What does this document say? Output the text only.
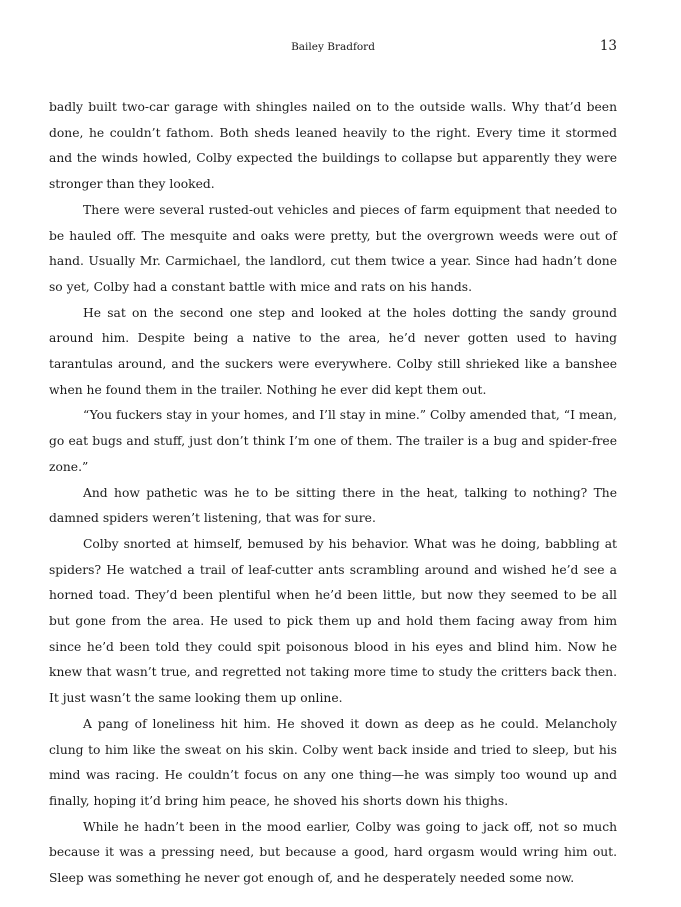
Bailey Bradford	13

badly built two-car garage with shingles nailed on to the outside walls. Why that’d been done, he couldn’t fathom. Both sheds leaned heavily to the right. Every time it stormed and the winds howled, Colby expected the buildings to collapse but apparently they were stronger than they looked.

There were several rusted-out vehicles and pieces of farm equipment that needed to be hauled off. The mesquite and oaks were pretty, but the overgrown weeds were out of hand. Usually Mr. Carmichael, the landlord, cut them twice a year. Since had hadn’t done so yet, Colby had a constant battle with mice and rats on his hands.

He sat on the second one step and looked at the holes dotting the sandy ground around him. Despite being a native to the area, he’d never gotten used to having tarantulas around, and the suckers were everywhere. Colby still shrieked like a banshee when he found them in the trailer. Nothing he ever did kept them out.

“You fuckers stay in your homes, and I’ll stay in mine.” Colby amended that, “I mean, go eat bugs and stuff, just don’t think I’m one of them. The trailer is a bug and spider-free zone.”

And how pathetic was he to be sitting there in the heat, talking to nothing? The damned spiders weren’t listening, that was for sure.

Colby snorted at himself, bemused by his behavior. What was he doing, babbling at spiders? He watched a trail of leaf-cutter ants scrambling around and wished he’d see a horned toad. They’d been plentiful when he’d been little, but now they seemed to be all but gone from the area. He used to pick them up and hold them facing away from him since he’d been told they could spit poisonous blood in his eyes and blind him. Now he knew that wasn’t true, and regretted not taking more time to study the critters back then. It just wasn’t the same looking them up online.

A pang of loneliness hit him. He shoved it down as deep as he could. Melancholy clung to him like the sweat on his skin. Colby went back inside and tried to sleep, but his mind was racing. He couldn’t focus on any one thing—he was simply too wound up and finally, hoping it’d bring him peace, he shoved his shorts down his thighs.

While he hadn’t been in the mood earlier, Colby was going to jack off, not so much because it was a pressing need, but because a good, hard orgasm would wring him out. Sleep was something he never got enough of, and he desperately needed some now.
